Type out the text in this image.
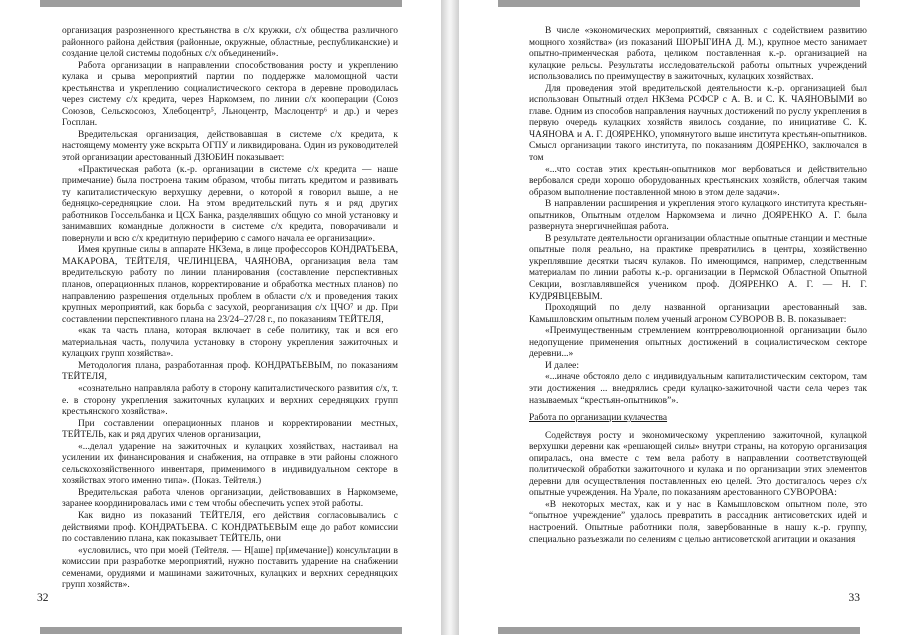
организация разрозненного крестьянства в с/х кружки, с/х общества различного районного района действия (районные, окружные, областные, республиканские) и создание целой системы подобных с/х объединений».

Работа организации в направлении способствования росту и укреплению кулака и срыва мероприятий партии по поддержке маломощной части крестьянства и укреплению социалистического сектора в деревне проводилась через систему с/х кредита, через Наркомзем, по линии с/х кооперации (Союз Союзов, Сельскосоюз, Хлебоцентр⁵, Льноцентр, Маслоцентр⁶ и др.) и через Госплан.

Вредительская организация, действовавшая в системе с/х кредита, к настоящему моменту уже вскрыта ОГПУ и ликвидирована. Один из руководителей этой организации арестованный ДЗЮБИН показывает:

«Практическая работа (к.-р. организации в системе с/х кредита — наше примечание) была построена таким образом, чтобы питать кредитом и развивать ту капиталистическую верхушку деревни, о которой я говорил выше, а не бедняцко-середняцкие слои. На этом вредительский путь я и ряд других работников Госсельбанка и ЦСХ Банка, разделявших общую со мной установку и занимавших командные должности в системе с/х кредита, поворачивали и повернули и всю с/х кредитную периферию с самого начала ее организации».

Имея крупные силы в аппарате НКЗема, в лице профессоров КОНДРАТЬЕВА, МАКАРОВА, ТЕЙТЕЛЯ, ЧЕЛИНЦЕВА, ЧАЯНОВА, организация вела там вредительскую работу по линии планирования (составление перспективных планов, операционных планов, корректирование и обработка местных планов) по направлению разрешения отдельных проблем в области с/х и проведения таких крупных мероприятий, как борьба с засухой, реорганизация с/х ЦЧО⁷ и др. При составлении перспективного плана на 23/24–27/28 г., по показаниям ТЕЙТЕЛЯ,

«как та часть плана, которая включает в себе политику, так и вся его материальная часть, получила установку в сторону укрепления зажиточных и кулацких групп хозяйства».

Методология плана, разработанная проф. КОНДРАТЬЕВЫМ, по показаниям ТЕЙТЕЛЯ,

«сознательно направляла работу в сторону капиталистического развития с/х, т. е. в сторону укрепления зажиточных кулацких и верхних середняцких групп крестьянского хозяйства».

При составлении операционных планов и корректировании местных, ТЕЙТЕЛЬ, как и ряд других членов организации,

«...делал ударение на зажиточных и кулацких хозяйствах, настаивал на усилении их финансирования и снабжения, на отправке в эти районы сложного сельскохозяйственного инвентаря, применимого в индивидуальном секторе в хозяйствах этого именно типа». (Показ. Тейтеля.)

Вредительская работа членов организации, действовавших в Наркомземе, заранее координировалась ими с тем чтобы обеспечить успех этой работы.

Как видно из показаний ТЕЙТЕЛЯ, его действия согласовывались с действиями проф. КОНДРАТЬЕВА. С КОНДРАТЬЕВЫМ еще до работ комиссии по составлению плана, как показывает ТЕЙТЕЛЬ, они

«условились, что при моей (Тейтеля. — Н[аше] пр[имечание]) консультации в комиссии при разработке мероприятий, нужно поставить ударение на снабжении семенами, орудиями и машинами зажиточных, кулацких и верхних середняцких групп хозяйств».

32

В числе «экономических мероприятий, связанных с содействием развитию мощного хозяйства» (из показаний ШОРЫГИНА Д. М.), крупное место занимает опытно-применческая работа, целиком поставленная к.-р. организацией на кулацкие рельсы. Результаты исследовательской работы опытных учреждений использовались по преимуществу в зажиточных, кулацких хозяйствах.

Для проведения этой вредительской деятельности к.-р. организацией был использован Опытный отдел НКЗема РСФСР с А. В. и С. К. ЧАЯНОВЫМИ во главе. Одним из способов направления научных достижений по руслу укрепления в первую очередь кулацких хозяйств явилось создание, по инициативе С. К. ЧАЯНОВА и А. Г. ДОЯРЕНКО, упомянутого выше института крестьян-опытников. Смысл организации такого института, по показаниям ДОЯРЕНКО, заключался в том

«...что состав этих крестьян-опытников мог вербоваться и действительно вербовался среди хорошо оборудованных крестьянских хозяйств, облегчая таким образом выполнение поставленной мною в этом деле задачи».

В направлении расширения и укрепления этого кулацкого института крестьян-опытников, Опытным отделом Наркомзема и лично ДОЯРЕНКО А. Г. была развернута энергичнейшая работа.

В результате деятельности организации областные опытные станции и местные опытные поля реально, на практике превратились в центры, хозяйственно укреплявшие десятки тысяч кулаков. По имеющимся, например, следственным материалам по линии работы к.-р. организации в Пермской Областной Опытной Секции, возглавлявшейся учеником проф. ДОЯРЕНКО А. Г. — Н. Г. КУДРЯВЦЕВЫМ.

Проходящий по делу названной организации арестованный зав. Камышловским опытным полем ученый агроном СУВОРОВ В. В. показывает:

«Преимущественным стремлением контрреволюционной организации было недопущение применения опытных достижений в социалистическом секторе деревни...»

И далее:

«...иначе обстояло дело с индивидуальным капиталистическим сектором, там эти достижения ... внедрялись среди кулацко-зажиточной части села через так называемых “крестьян-опытников”».

Работа по организации кулачества

Содействуя росту и экономическому укреплению зажиточной, кулацкой верхушки деревни как «решающей силы» внутри страны, на которую организация опиралась, она вместе с тем вела работу в направлении соответствующей политической обработки зажиточного и кулака и по организации этих элементов деревни для осуществления поставленных ею целей. Это достигалось через с/х опытные учреждения. На Урале, по показаниям арестованного СУВОРОВА:

«В некоторых местах, как и у нас в Камышловском опытном поле, это “опытное учреждение” удалось превратить в рассадник антисоветских идей и настроений. Опытные работники поля, завербованные в нашу к.-р. группу, специально разъезжали по селениям с целью антисоветской агитации и оказания

33
